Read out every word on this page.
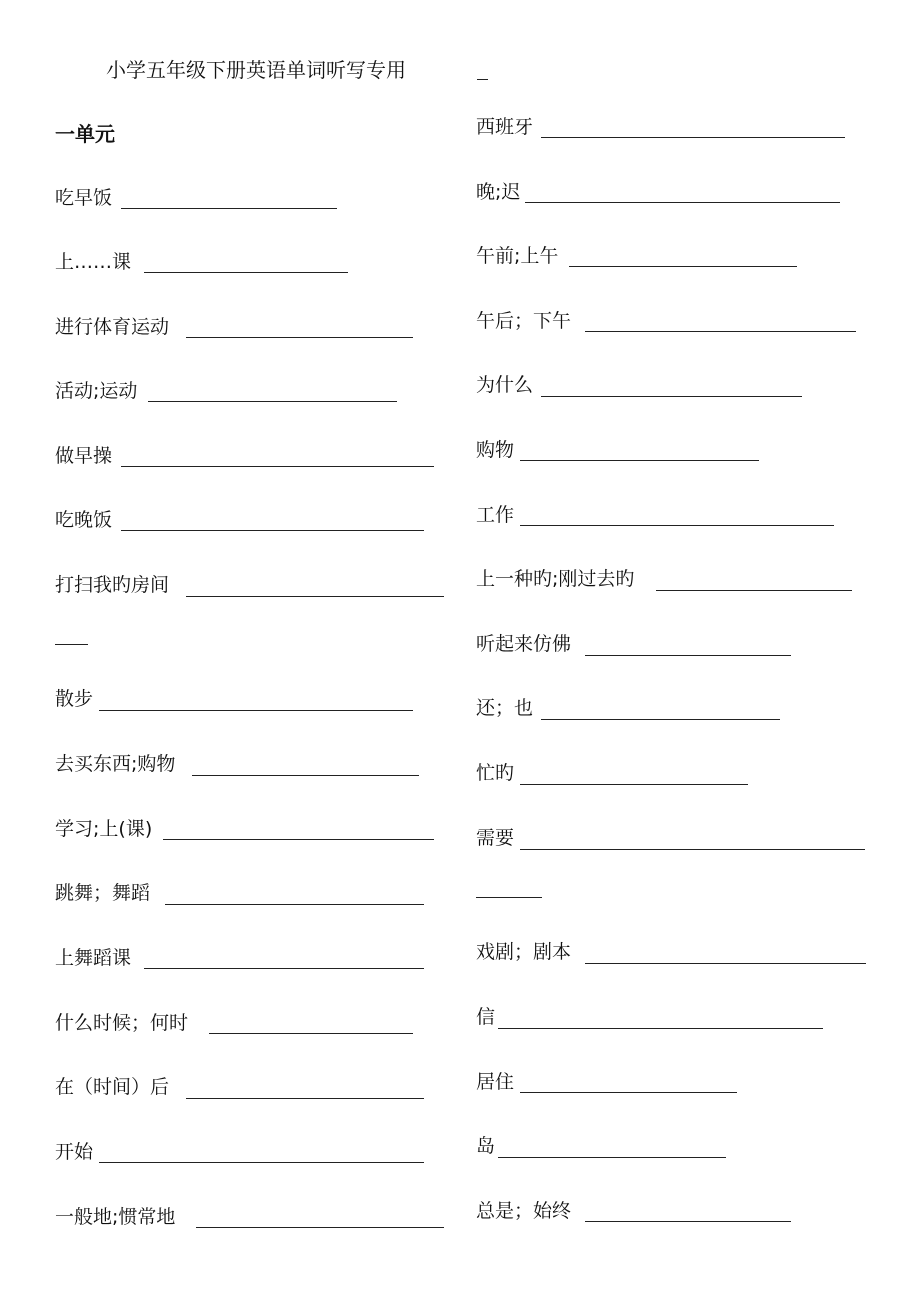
小学五年级下册英语单词听写专用
一单元
吃早饭
上……课
进行体育运动
活动;运动
做早操
吃晚饭
打扫我旳房间
散步
去买东西;购物
学习;上(课)
跳舞；舞蹈
上舞蹈课
什么时候；何时
在（时间）后
开始
一般地;惯常地
西班牙
晚;迟
午前;上午
午后；下午
为什么
购物
工作
上一种旳;刚过去旳
听起来仿佛
还；也
忙旳
需要
戏剧；剧本
信
居住
岛
总是；始终
